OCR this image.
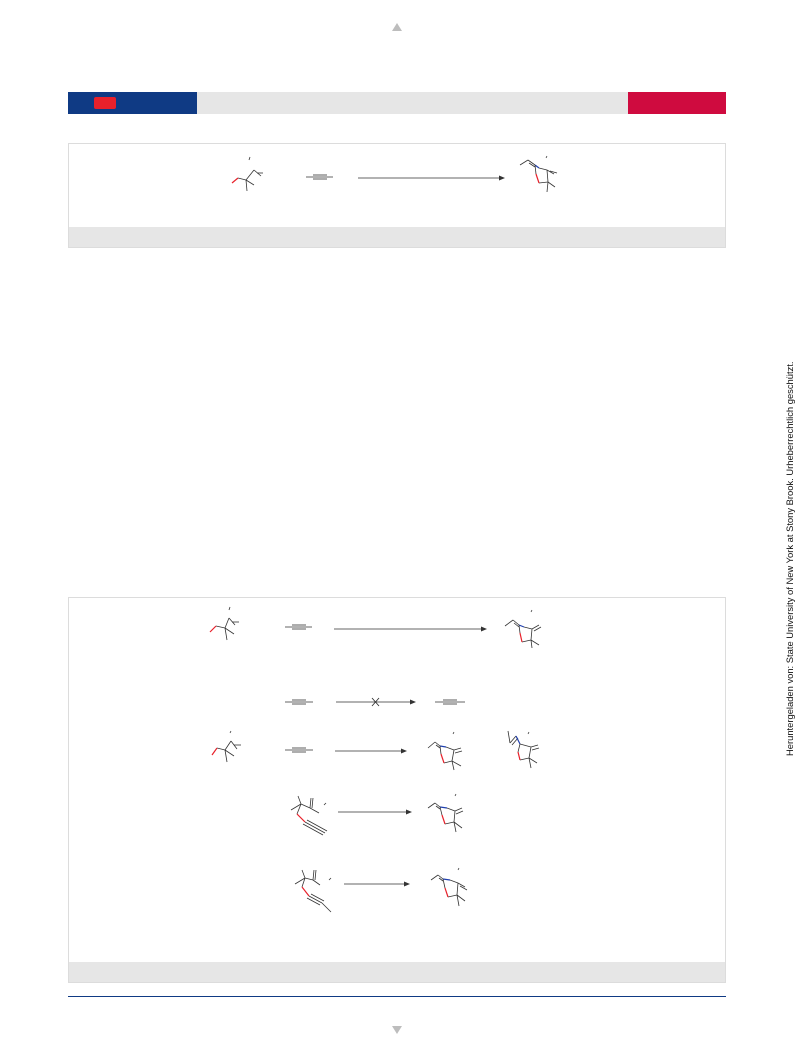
Heruntergeladen von: State University of New York at Stony Brook. Urheberrechtlich geschützt.
